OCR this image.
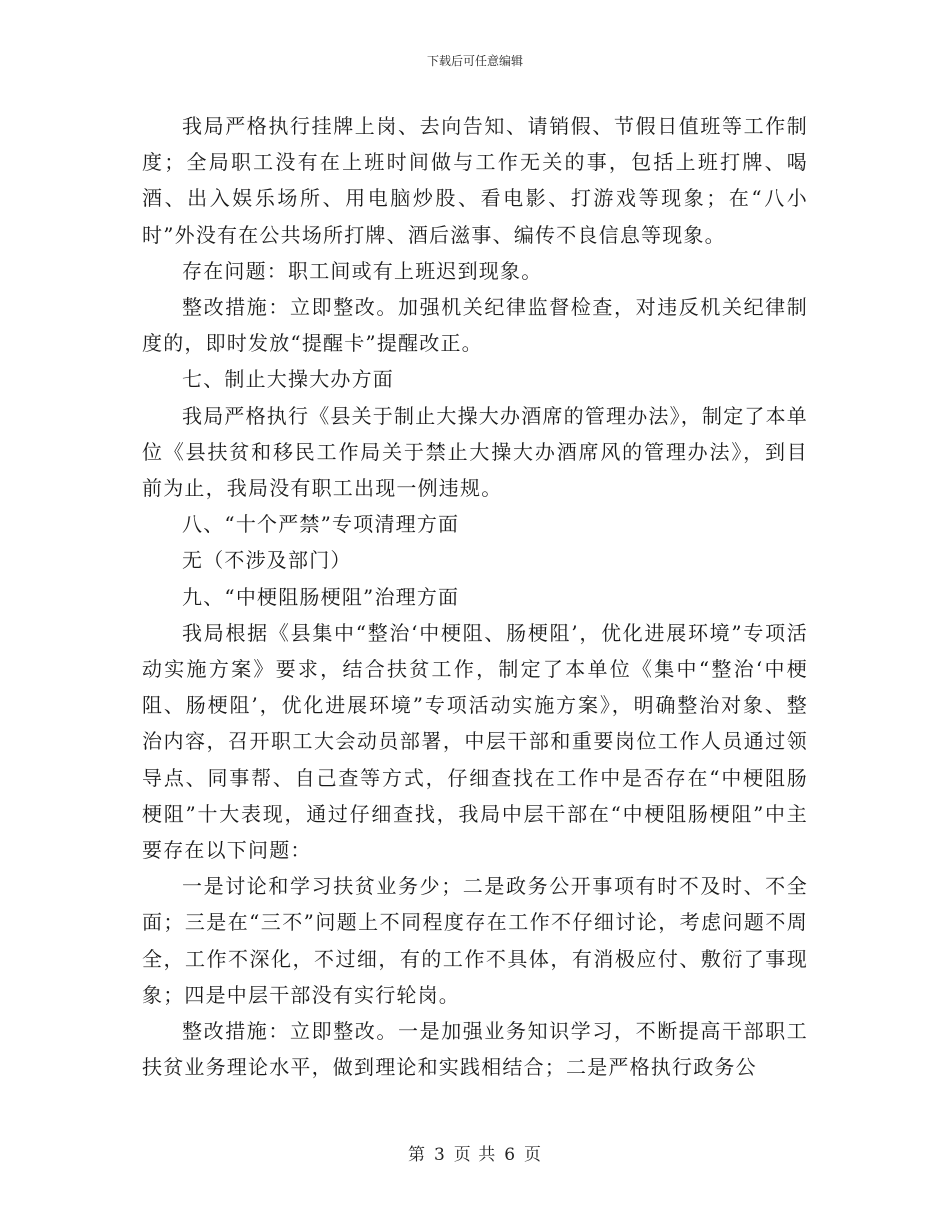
下载后可任意编辑

我局严格执行挂牌上岗、去向告知、请销假、节假日值班等工作制度；全局职工没有在上班时间做与工作无关的事，包括上班打牌、喝酒、出入娱乐场所、用电脑炒股、看电影、打游戏等现象；在“八小时”外没有在公共场所打牌、酒后滋事、编传不良信息等现象。

存在问题：职工间或有上班迟到现象。

整改措施：立即整改。加强机关纪律监督检查，对违反机关纪律制度的，即时发放“提醒卡”提醒改正。

七、制止大操大办方面

我局严格执行《县关于制止大操大办酒席的管理办法》，制定了本单位《县扶贫和移民工作局关于禁止大操大办酒席风的管理办法》，到目前为止，我局没有职工出现一例违规。

八、“十个严禁”专项清理方面

无（不涉及部门）

九、“中梗阻肠梗阻”治理方面

我局根据《县集中“整治‘中梗阻、肠梗阻’，优化进展环境”专项活动实施方案》要求，结合扶贫工作，制定了本单位《集中“整治‘中梗阻、肠梗阻’，优化进展环境”专项活动实施方案》，明确整治对象、整治内容，召开职工大会动员部署，中层干部和重要岗位工作人员通过领导点、同事帮、自己查等方式，仔细查找在工作中是否存在“中梗阻肠梗阻”十大表现，通过仔细查找，我局中层干部在“中梗阻肠梗阻”中主要存在以下问题：

一是讨论和学习扶贫业务少；二是政务公开事项有时不及时、不全面；三是在“三不”问题上不同程度存在工作不仔细讨论，考虑问题不周全，工作不深化，不过细，有的工作不具体，有消极应付、敷衍了事现象；四是中层干部没有实行轮岗。

整改措施：立即整改。一是加强业务知识学习，不断提高干部职工扶贫业务理论水平，做到理论和实践相结合；二是严格执行政务公

第 3 页 共 6 页
